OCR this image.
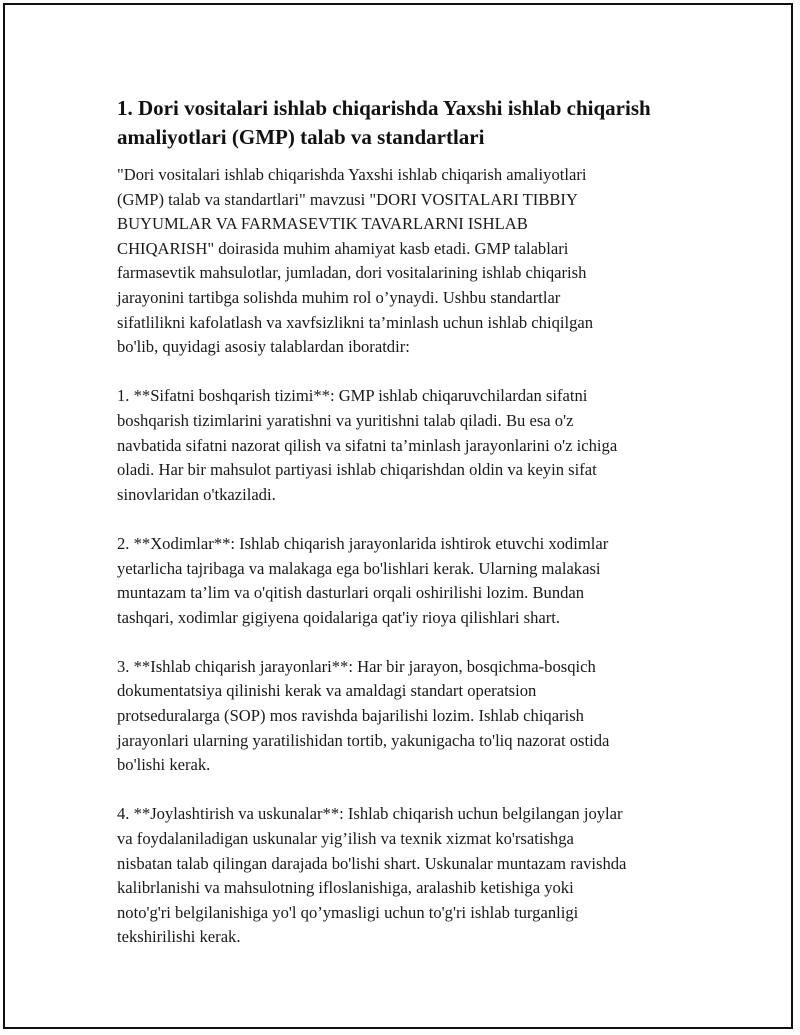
1. Dori vositalari ishlab chiqarishda Yaxshi ishlab chiqarish
amaliyotlari (GMP) talab va standartlari

"Dori vositalari ishlab chiqarishda Yaxshi ishlab chiqarish amaliyotlari
(GMP) talab va standartlari" mavzusi "DORI VOSITALARI TIBBIY
BUYUMLAR VA FARMASEVTIK TAVARLARNI ISHLAB
CHIQARISH" doirasida muhim ahamiyat kasb etadi. GMP talablari
farmasevtik mahsulotlar, jumladan, dori vositalarining ishlab chiqarish
jarayonini tartibga solishda muhim rol o’ynaydi. Ushbu standartlar
sifatlilikni kafolatlash va xavfsizlikni ta’minlash uchun ishlab chiqilgan
bo'lib, quyidagi asosiy talablardan iboratdir:

1. **Sifatni boshqarish tizimi**: GMP ishlab chiqaruvchilardan sifatni
boshqarish tizimlarini yaratishni va yuritishni talab qiladi. Bu esa o'z
navbatida sifatni nazorat qilish va sifatni ta’minlash jarayonlarini o'z ichiga
oladi. Har bir mahsulot partiyasi ishlab chiqarishdan oldin va keyin sifat
sinovlaridan o'tkaziladi.

2. **Xodimlar**: Ishlab chiqarish jarayonlarida ishtirok etuvchi xodimlar
yetarlicha tajribaga va malakaga ega bo'lishlari kerak. Ularning malakasi
muntazam ta’lim va o'qitish dasturlari orqali oshirilishi lozim. Bundan
tashqari, xodimlar gigiyena qoidalariga qat'iy rioya qilishlari shart.

3. **Ishlab chiqarish jarayonlari**: Har bir jarayon, bosqichma-bosqich
dokumentatsiya qilinishi kerak va amaldagi standart operatsion
protseduralarga (SOP) mos ravishda bajarilishi lozim. Ishlab chiqarish
jarayonlari ularning yaratilishidan tortib, yakunigacha to'liq nazorat ostida
bo'lishi kerak.

4. **Joylashtirish va uskunalar**: Ishlab chiqarish uchun belgilangan joylar
va foydalaniladigan uskunalar yig’ilish va texnik xizmat ko'rsatishga
nisbatan talab qilingan darajada bo'lishi shart. Uskunalar muntazam ravishda
kalibrlanishi va mahsulotning ifloslanishiga, aralashib ketishiga yoki
noto'g'ri belgilanishiga yo'l qo’ymasligi uchun to'g'ri ishlab turganligi
tekshirilishi kerak.
